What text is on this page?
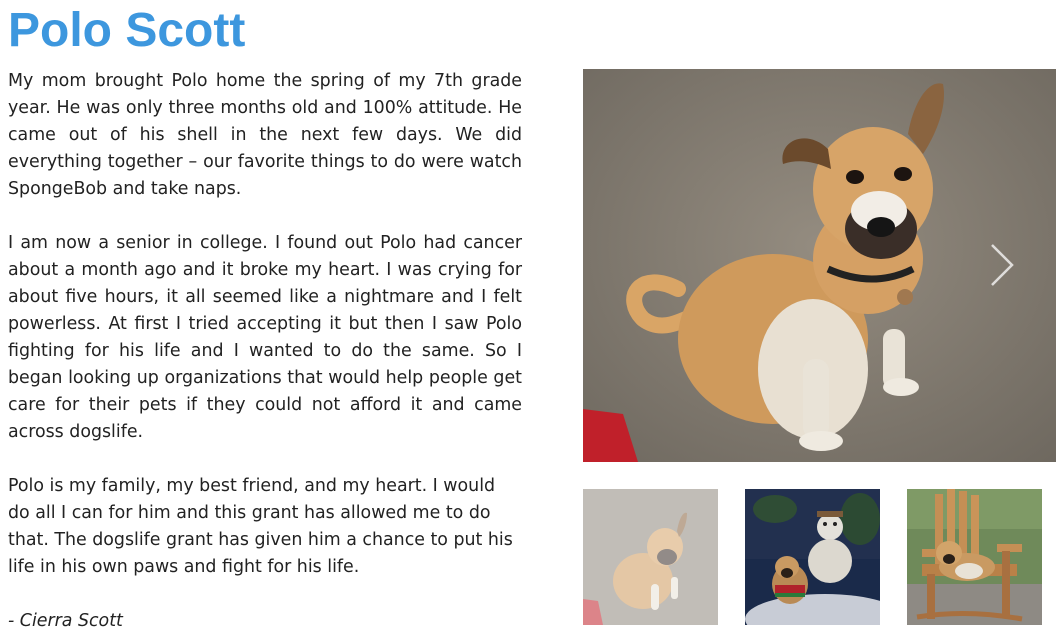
Polo Scott

My mom brought Polo home the spring of my 7th grade year. He was only three months old and 100% attitude. He came out of his shell in the next few days. We did everything together – our favorite things to do were watch SpongeBob and take naps.

I am now a senior in college. I found out Polo had cancer about a month ago and it broke my heart. I was crying for about five hours, it all seemed like a nightmare and I felt powerless. At first I tried accepting it but then I saw Polo fighting for his life and I wanted to do the same. So I began looking up organizations that would help people get care for their pets if they could not afford it and came across dogslife.

Polo is my family, my best friend, and my heart. I would do all I can for him and this grant has allowed me to do that. The dogslife grant has given him a chance to put his life in his own paws and fight for his life.

- Cierra Scott
